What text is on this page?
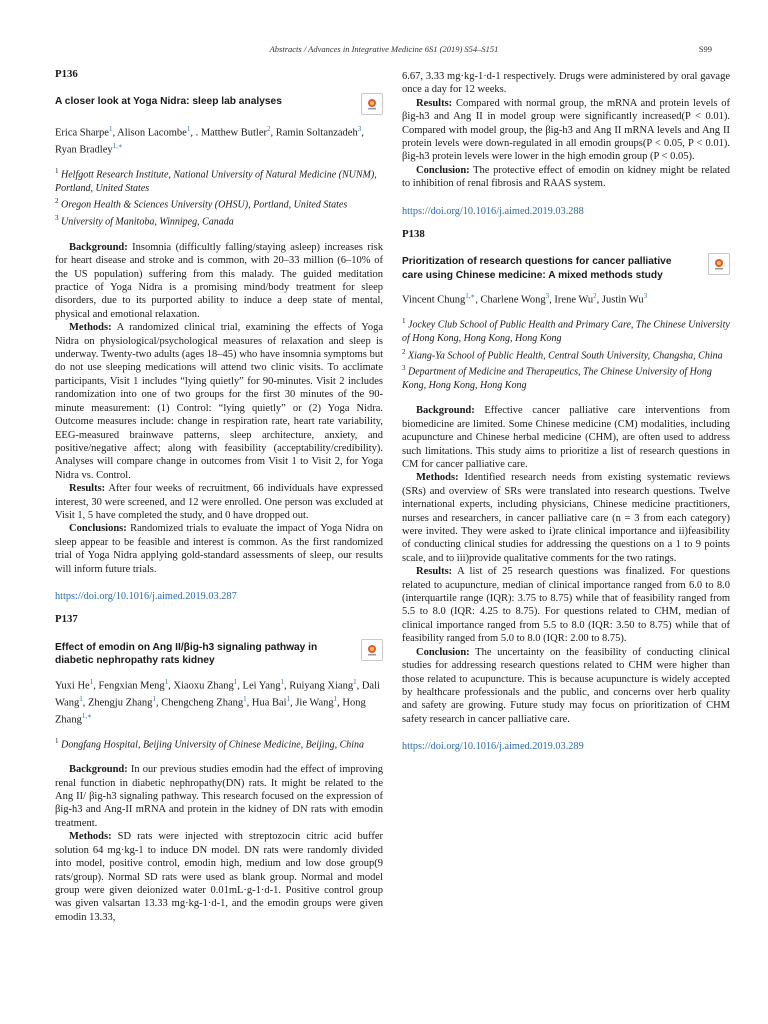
Abstracts / Advances in Integrative Medicine 6S1 (2019) S54–S151	S99
P136
A closer look at Yoga Nidra: sleep lab analyses
Erica Sharpe$^1$, Alison Lacombe$^1$, . Matthew Butler$^2$, Ramin Soltanzadeh$^3$, Ryan Bradley$^{1,∗}$
$^1$ Helfgott Research Institute, National University of Natural Medicine (NUNM), Portland, United States
$^2$ Oregon Health & Sciences University (OHSU), Portland, United States
$^3$ University of Manitoba, Winnipeg, Canada

Background: Insomnia (difficultly falling/staying asleep) increases risk for heart disease and stroke and is common, with 20–33 million (6–10% of the US population) suffering from this malady. The guided meditation practice of Yoga Nidra is a promising mind/body treatment for sleep disorders, due to its purported ability to induce a deep state of mental, physical and emotional relaxation.

Methods: A randomized clinical trial, examining the effects of Yoga Nidra on physiological/psychological measures of relaxation and sleep is underway. Twenty-two adults (ages 18–45) who have insomnia symptoms but do not use sleeping medications will attend two clinic visits. To acclimate participants, Visit 1 includes “lying quietly” for 90-minutes. Visit 2 includes randomization into one of two groups for the first 30 minutes of the 90-minute measurement: (1) Control: “lying quietly” or (2) Yoga Nidra. Outcome measures include: change in respiration rate, heart rate variability, EEG-measured brainwave patterns, sleep architecture, anxiety, and positive/negative affect; along with feasibility (acceptability/credibility). Analyses will compare change in outcomes from Visit 1 to Visit 2, for Yoga Nidra vs. Control.

Results: After four weeks of recruitment, 66 individuals have expressed interest, 30 were screened, and 12 were enrolled. One person was excluded at Visit 1, 5 have completed the study, and 0 have dropped out.

Conclusions: Randomized trials to evaluate the impact of Yoga Nidra on sleep appear to be feasible and interest is common. As the first randomized trial of Yoga Nidra applying gold-standard assessments of sleep, our results will inform future trials.

https://doi.org/10.1016/j.aimed.2019.03.287
P137
Effect of emodin on Ang II/βig-h3 signaling pathway in diabetic nephropathy rats kidney
Yuxi He$^1$, Fengxian Meng$^1$, Xiaoxu Zhang$^1$, Lei Yang$^1$, Ruiyang Xiang$^1$, Dali Wang$^1$, Zhengju Zhang$^1$, Chengcheng Zhang$^1$, Hua Bai$^1$, Jie Wang$^1$, Hong Zhang$^{1,∗}$
$^1$ Dongfang Hospital, Beijing University of Chinese Medicine, Beijing, China

Background: In our previous studies emodin had the effect of improving renal function in diabetic nephropathy(DN) rats. It might be related to the Ang II/ βig-h3 signaling pathway. This research focused on the expression of βig-h3 and Ang-II mRNA and protein in the kidney of DN rats with emodin treatment.

Methods: SD rats were injected with streptozocin citric acid buffer solution 64 mg·kg-1 to induce DN model. DN rats were randomly divided into model, positive control, emodin high, medium and low dose group(9 rats/group). Normal SD rats were used as blank group. Normal and model group were given deionized water 0.01mL·g-1·d-1. Positive control group was given valsartan 13.33 mg·kg-1·d-1, and the emodin groups were given emodin 13.33,

6.67, 3.33 mg·kg-1·d-1 respectively. Drugs were administered by oral gavage once a day for 12 weeks.

Results: Compared with normal group, the mRNA and protein levels of βig-h3 and Ang II in model group were significantly increased(P < 0.01). Compared with model group, the βig-h3 and Ang II mRNA levels and Ang II protein levels were down-regulated in all emodin groups(P < 0.05, P < 0.01). βig-h3 protein levels were lower in the high emodin group (P < 0.05).

Conclusion: The protective effect of emodin on kidney might be related to inhibition of renal fibrosis and RAAS system.

https://doi.org/10.1016/j.aimed.2019.03.288
P138
Prioritization of research questions for cancer palliative care using Chinese medicine: A mixed methods study
Vincent Chung$^{1,∗}$, Charlene Wong$^3$, Irene Wu$^2$, Justin Wu$^3$
$^1$ Jockey Club School of Public Health and Primary Care, The Chinese University of Hong Kong, Hong Kong, Hong Kong
$^2$ Xiang-Ya School of Public Health, Central South University, Changsha, China
$^3$ Department of Medicine and Therapeutics, The Chinese University of Hong Kong, Hong Kong, Hong Kong

Background: Effective cancer palliative care interventions from biomedicine are limited. Some Chinese medicine (CM) modalities, including acupuncture and Chinese herbal medicine (CHM), are often used to address such limitations. This study aims to prioritize a list of research questions in CM for cancer palliative care.

Methods: Identified research needs from existing systematic reviews (SRs) and overview of SRs were translated into research questions. Twelve international experts, including physicians, Chinese medicine practitioners, nurses and researchers, in cancer palliative care (n = 3 from each category) were invited. They were asked to i)rate clinical importance and ii)feasibility of conducting clinical studies for addressing the questions on a 1 to 9 points scale, and to iii)provide qualitative comments for the two ratings.

Results: A list of 25 research questions was finalized. For questions related to acupuncture, median of clinical importance ranged from 6.0 to 8.0 (interquartile range (IQR): 3.75 to 8.75) while that of feasibility ranged from 5.5 to 8.0 (IQR: 4.25 to 8.75). For questions related to CHM, median of clinical importance ranged from 5.5 to 8.0 (IQR: 3.50 to 8.75) while that of feasibility ranged from 5.0 to 8.0 (IQR: 2.00 to 8.75).

Conclusion: The uncertainty on the feasibility of conducting clinical studies for addressing research questions related to CHM were higher than those related to acupuncture. This is because acupuncture is widely accepted by healthcare professionals and the public, and concerns over herb quality and safety are growing. Future study may focus on prioritization of CHM safety research in cancer palliative care.

https://doi.org/10.1016/j.aimed.2019.03.289
